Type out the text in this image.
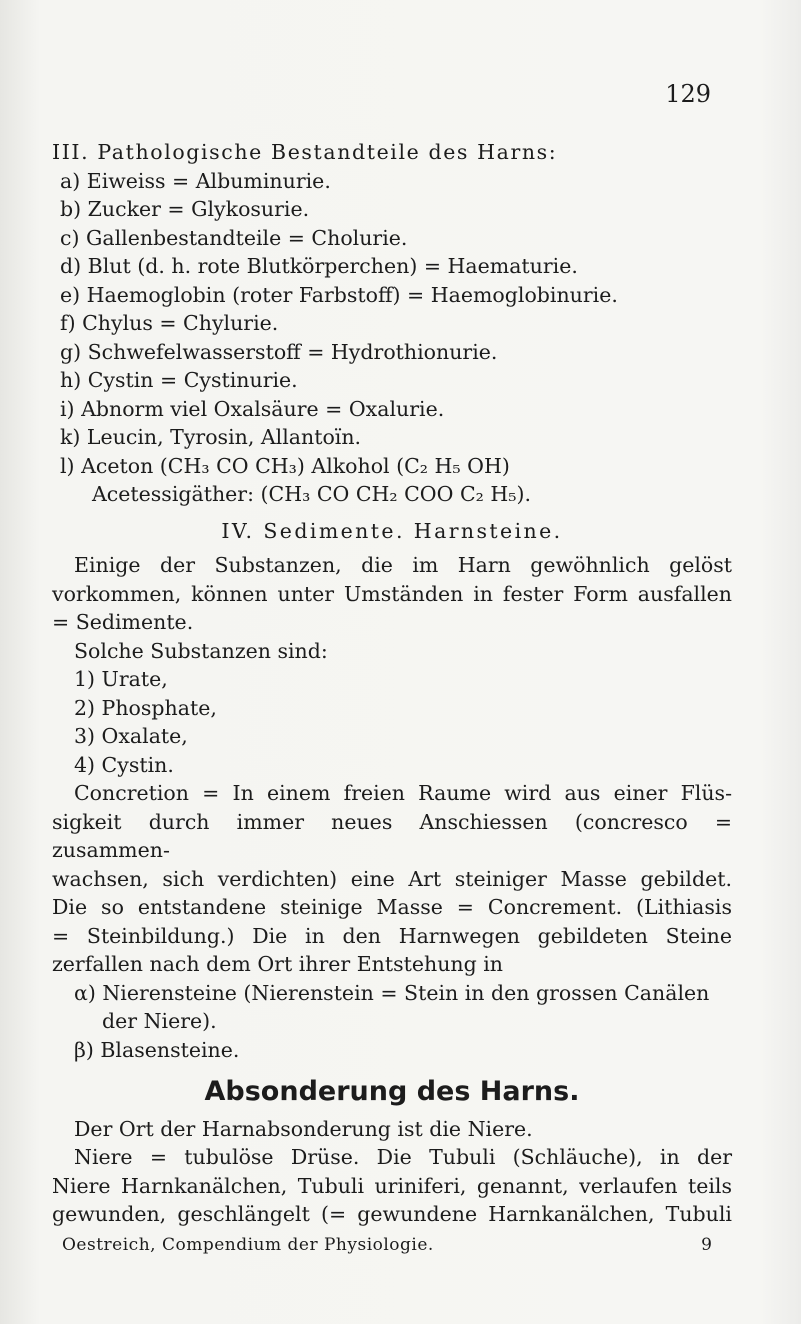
129
III. Pathologische Bestandteile des Harns:
a) Eiweiss = Albuminurie.
b) Zucker = Glykosurie.
c) Gallenbestandteile = Cholurie.
d) Blut (d. h. rote Blutkörperchen) = Haematurie.
e) Haemoglobin (roter Farbstoff) = Haemoglobinurie.
f) Chylus = Chylurie.
g) Schwefelwasserstoff = Hydrothionurie.
h) Cystin = Cystinurie.
i) Abnorm viel Oxalsäure = Oxalurie.
k) Leucin, Tyrosin, Allantoïn.
l) Aceton (CH₃ CO CH₃) Alkohol (C₂ H₅ OH)
Acetessigäther: (CH₃ CO CH₂ COO C₂ H₅).
IV. Sedimente. Harnsteine.
Einige der Substanzen, die im Harn gewöhnlich gelöst
vorkommen, können unter Umständen in fester Form ausfallen
= Sedimente.
Solche Substanzen sind:
1) Urate,
2) Phosphate,
3) Oxalate,
4) Cystin.
Concretion = In einem freien Raume wird aus einer Flüs-
sigkeit durch immer neues Anschiessen (concresco = zusammen-
wachsen, sich verdichten) eine Art steiniger Masse gebildet.
Die so entstandene steinige Masse = Concrement. (Lithiasis
= Steinbildung.) Die in den Harnwegen gebildeten Steine
zerfallen nach dem Ort ihrer Entstehung in
α) Nierensteine (Nierenstein = Stein in den grossen Canälen
der Niere).
β) Blasensteine.
Absonderung des Harns.
Der Ort der Harnabsonderung ist die Niere.
Niere = tubulöse Drüse. Die Tubuli (Schläuche), in der
Niere Harnkanälchen, Tubuli uriniferi, genannt, verlaufen teils
gewunden, geschlängelt (= gewundene Harnkanälchen, Tubuli
Oestreich, Compendium der Physiologie.	9
